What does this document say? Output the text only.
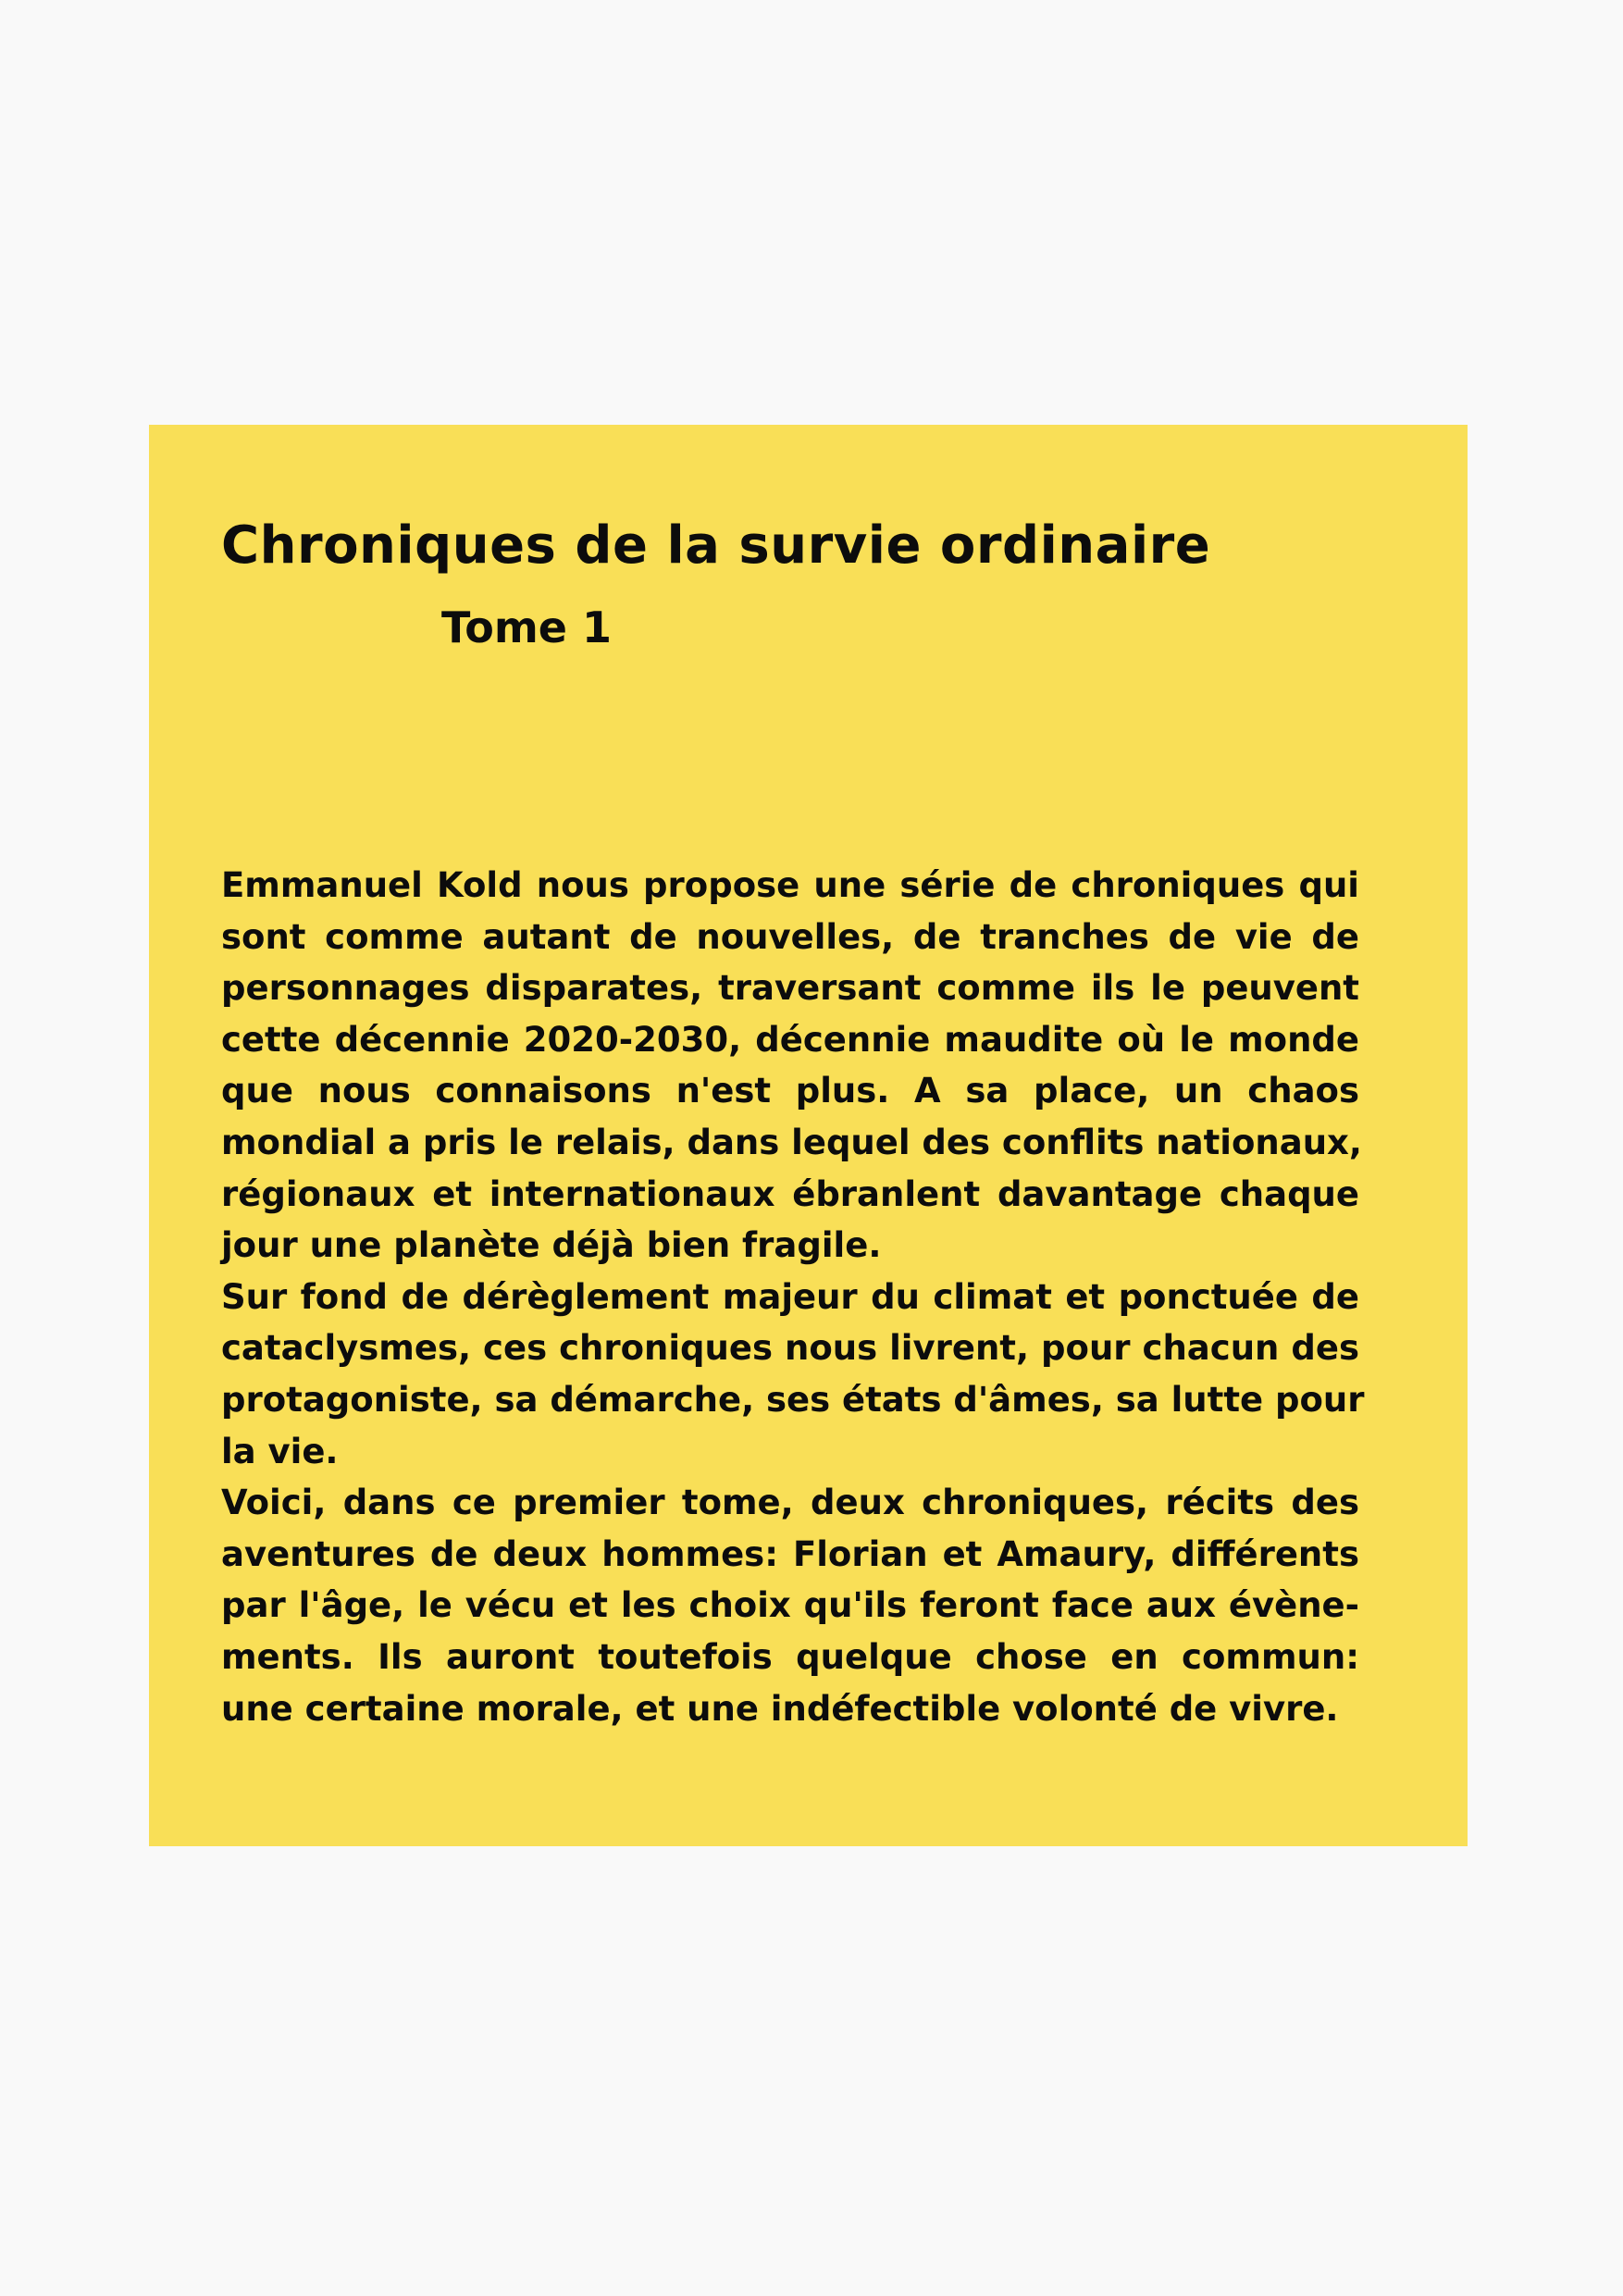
Chroniques de la survie ordinaire
Tome 1
Emmanuel Kold nous propose une série de chroniques qui
sont comme autant de nouvelles, de tranches de vie de
personnages disparates, traversant comme ils le peuvent
cette décennie 2020-2030, décennie maudite où le monde
que nous connaisons n'est plus. A sa place, un chaos
mondial a pris le relais, dans lequel des conflits nationaux,
régionaux et internationaux ébranlent davantage chaque
jour une planète déjà bien fragile.
Sur fond de dérèglement majeur du climat et ponctuée de
cataclysmes, ces chroniques nous livrent, pour chacun des
protagoniste, sa démarche, ses états d'âmes, sa lutte pour
la vie.
Voici, dans ce premier tome, deux chroniques, récits des
aventures de deux hommes: Florian et Amaury, différents
par l'âge, le vécu et les choix qu'ils feront face aux évène-
ments. Ils auront toutefois quelque chose en commun:
une certaine morale, et une indéfectible volonté de vivre.
